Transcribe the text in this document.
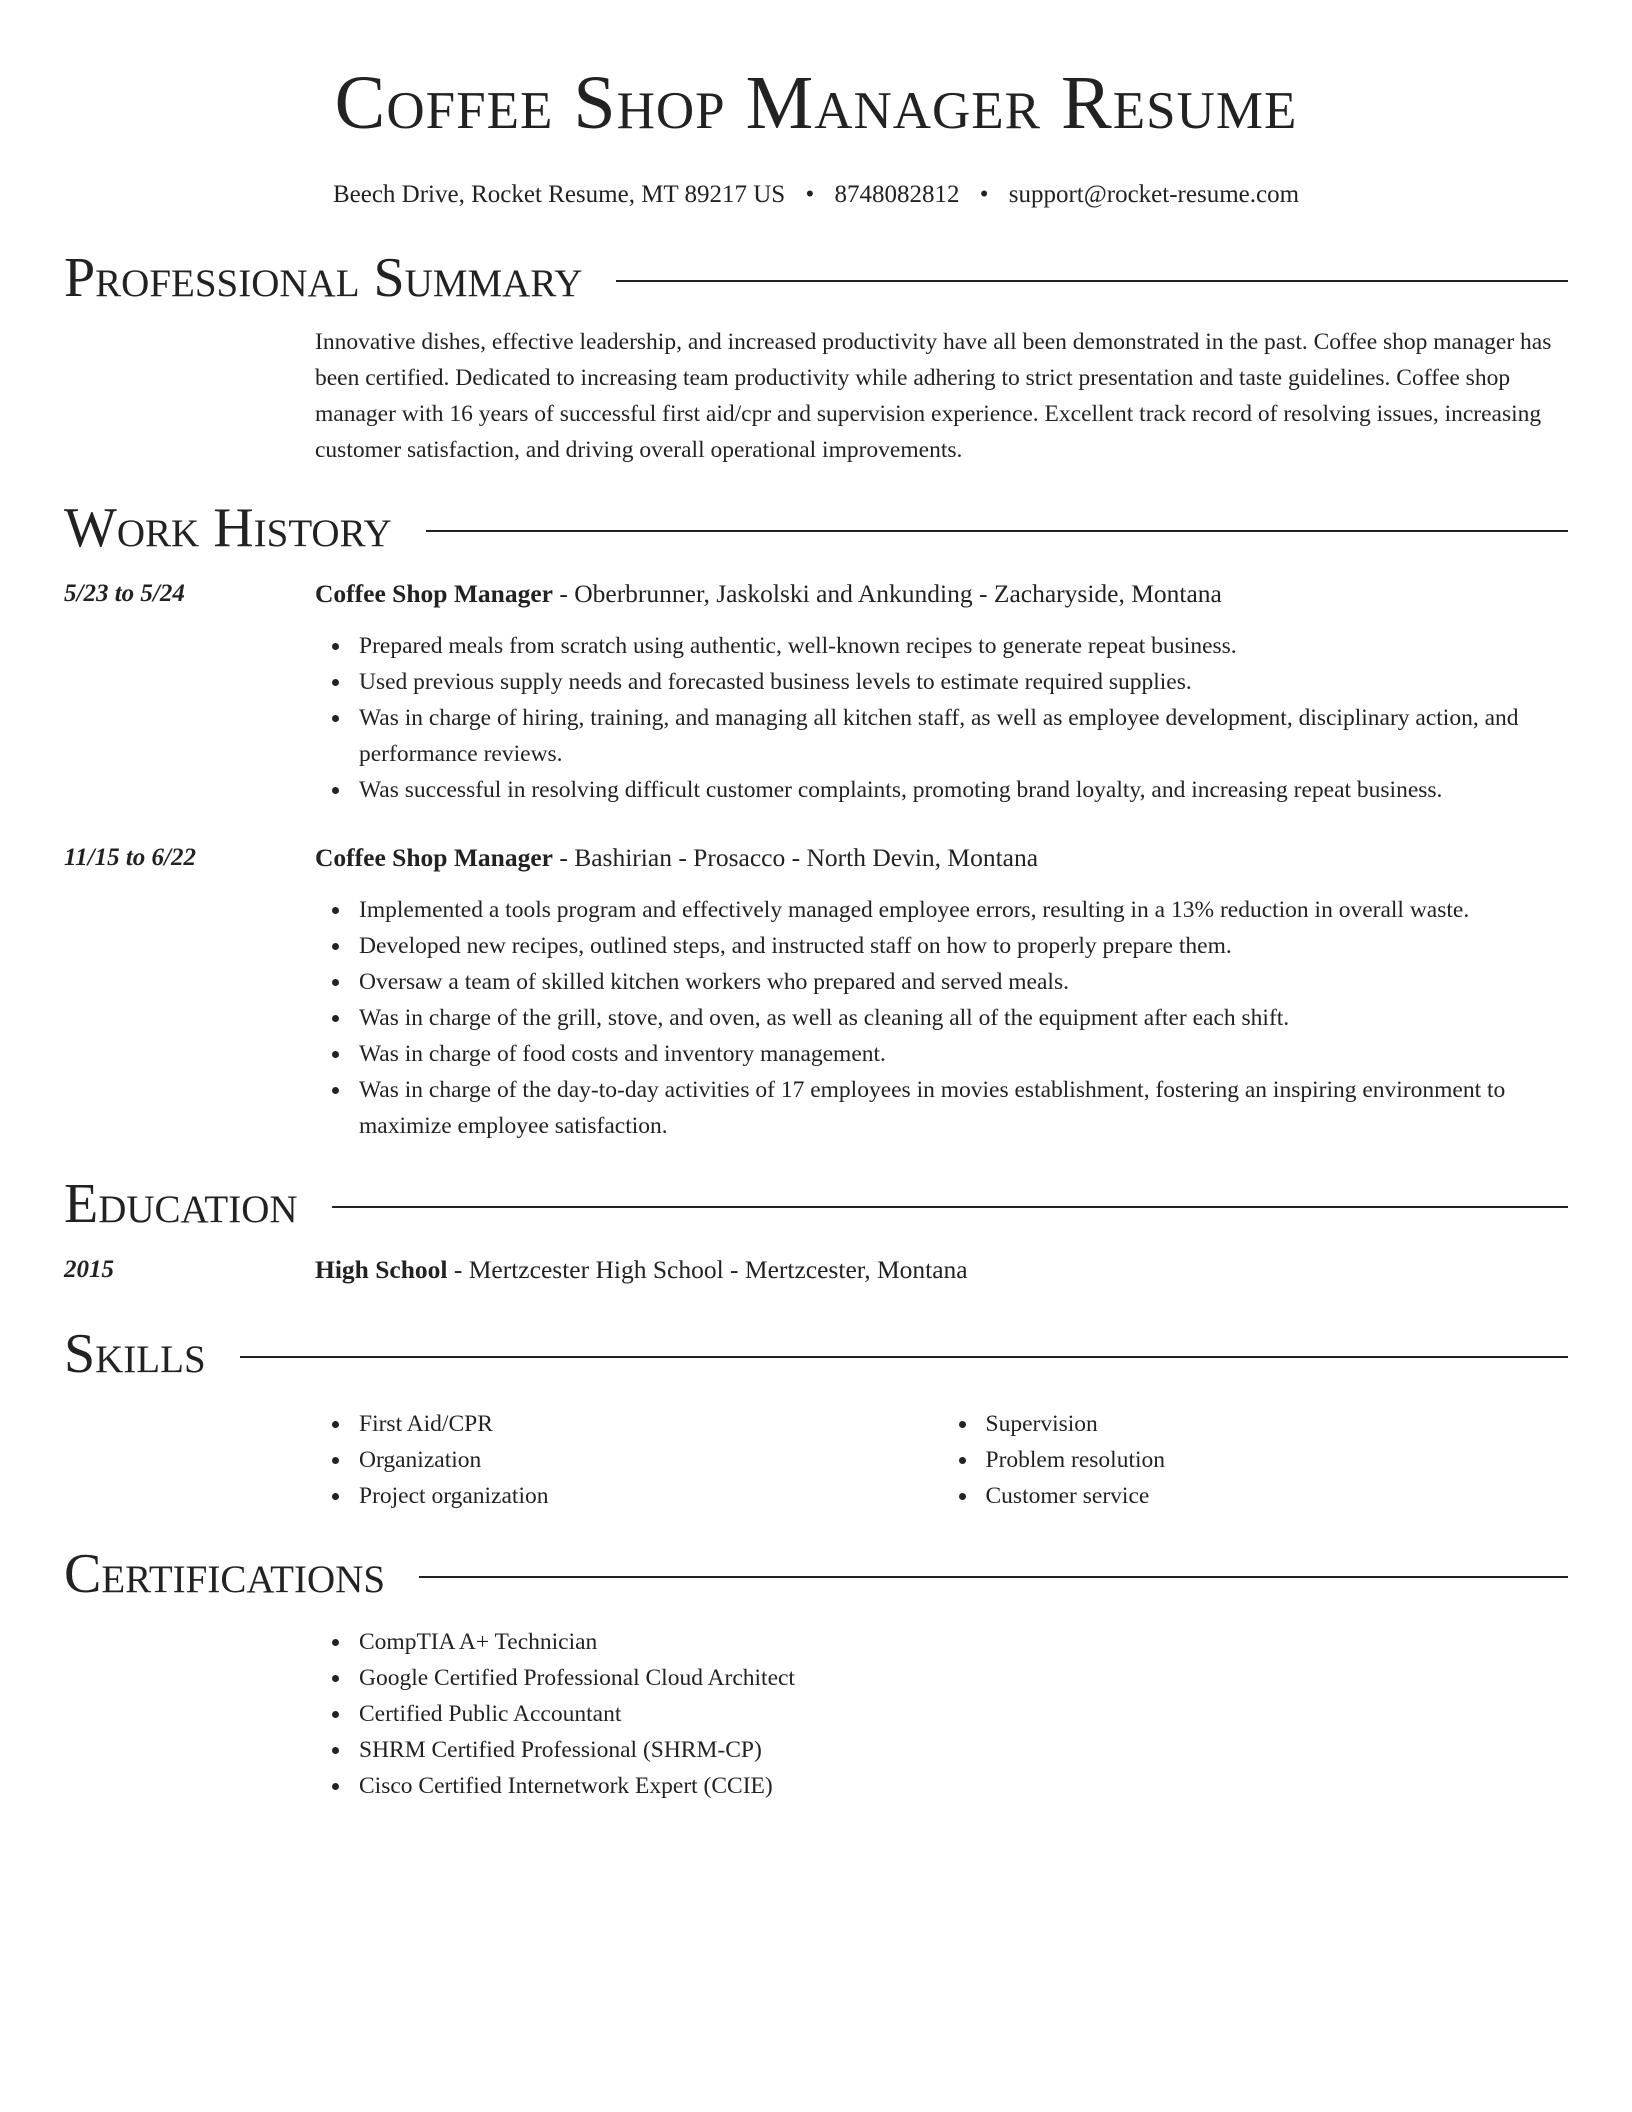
Coffee Shop Manager Resume
Beech Drive, Rocket Resume, MT 89217 US • 8748082812 • support@rocket-resume.com
Professional Summary

Innovative dishes, effective leadership, and increased productivity have all been demonstrated in the past. Coffee shop manager has been certified. Dedicated to increasing team productivity while adhering to strict presentation and taste guidelines. Coffee shop manager with 16 years of successful first aid/cpr and supervision experience. Excellent track record of resolving issues, increasing customer satisfaction, and driving overall operational improvements.

Work History
5/23 to 5/24	Coffee Shop Manager - Oberbrunner, Jaskolski and Ankunding - Zacharyside, Montana
Prepared meals from scratch using authentic, well-known recipes to generate repeat business.
Used previous supply needs and forecasted business levels to estimate required supplies.
Was in charge of hiring, training, and managing all kitchen staff, as well as employee development, disciplinary action, and performance reviews.
Was successful in resolving difficult customer complaints, promoting brand loyalty, and increasing repeat business.
11/15 to 6/22	Coffee Shop Manager - Bashirian - Prosacco - North Devin, Montana
Implemented a tools program and effectively managed employee errors, resulting in a 13% reduction in overall waste.
Developed new recipes, outlined steps, and instructed staff on how to properly prepare them.
Oversaw a team of skilled kitchen workers who prepared and served meals.
Was in charge of the grill, stove, and oven, as well as cleaning all of the equipment after each shift.
Was in charge of food costs and inventory management.
Was in charge of the day-to-day activities of 17 employees in movies establishment, fostering an inspiring environment to maximize employee satisfaction.
Education
2015	High School - Mertzcester High School - Mertzcester, Montana
Skills
First Aid/CPR
Organization
Project organization
Supervision
Problem resolution
Customer service
Certifications
CompTIA A+ Technician
Google Certified Professional Cloud Architect
Certified Public Accountant
SHRM Certified Professional (SHRM-CP)
Cisco Certified Internetwork Expert (CCIE)
